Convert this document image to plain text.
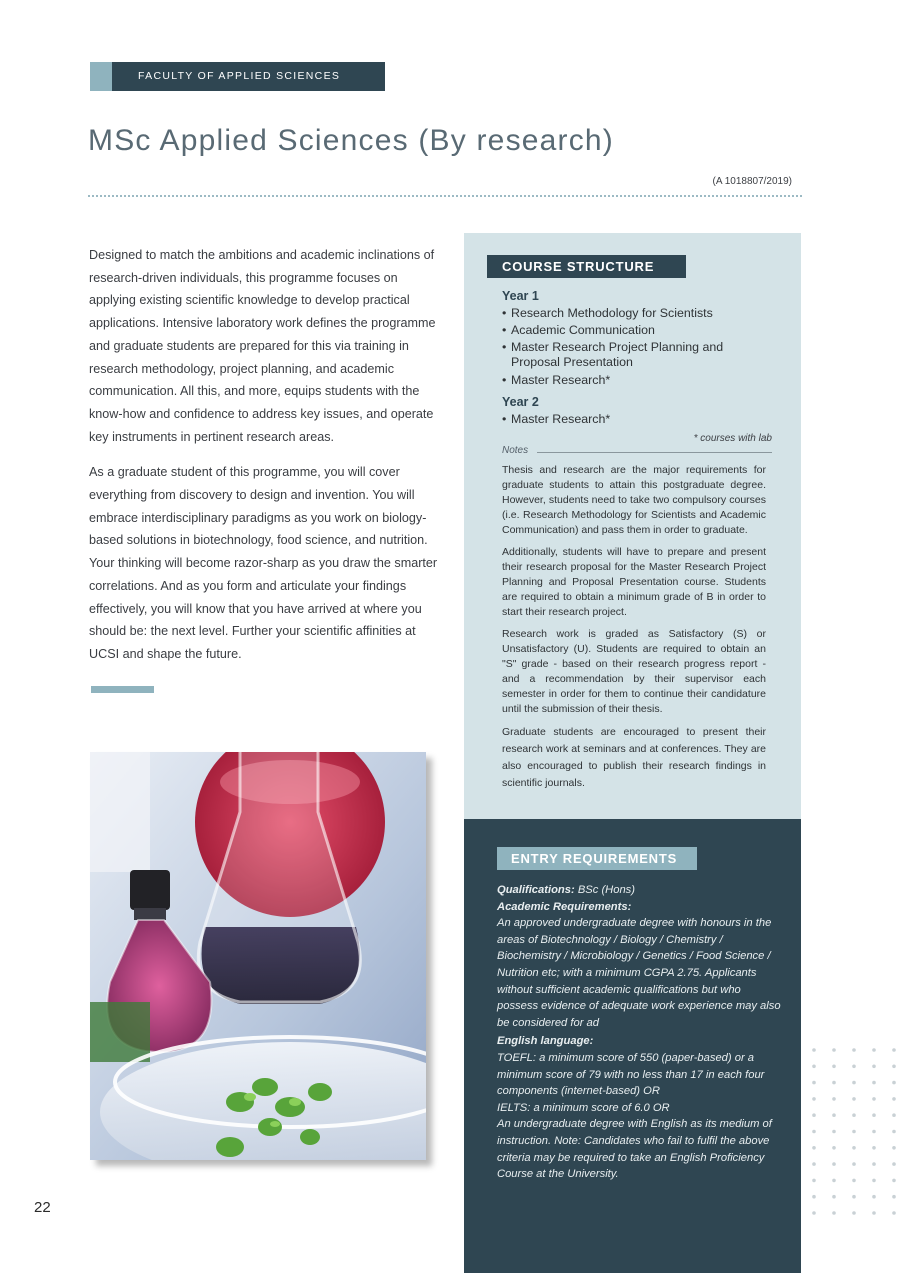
FACULTY OF APPLIED SCIENCES
MSc Applied Sciences (By research)
(A 1018807/2019)

Designed to match the ambitions and academic inclinations of research-driven individuals, this programme focuses on applying existing scientific knowledge to develop practical applications. Intensive laboratory work defines the programme and graduate students are prepared for this via training in research methodology, project planning, and academic communication. All this, and more, equips students with the know-how and confidence to address key issues, and operate key instruments in pertinent research areas.

As a graduate student of this programme, you will cover everything from discovery to design and invention. You will embrace interdisciplinary paradigms as you work on biology-based solutions in biotechnology, food science, and nutrition. Your thinking will become razor-sharp as you draw the smarter correlations. And as you form and articulate your findings effectively, you will know that you have arrived at where you should be: the next level. Further your scientific affinities at UCSI and shape the future.

22
COURSE STRUCTURE
Year 1
• Research Methodology for Scientists
• Academic Communication
• Master Research Project Planning and Proposal Presentation
• Master Research*
Year 2
• Master Research*
* courses with lab
Notes

Thesis and research are the major requirements for graduate students to attain this postgraduate degree. However, students need to take two compulsory courses (i.e. Research Methodology for Scientists and Academic Communication) and pass them in order to graduate.

Additionally, students will have to prepare and present their research proposal for the Master Research Project Planning and Proposal Presentation course. Students are required to obtain a minimum grade of B in order to start their research project.

Research work is graded as Satisfactory (S) or Unsatisfactory (U). Students are required to obtain an "S" grade - based on their research progress report - and a recommendation by their supervisor each semester in order for them to continue their candidature until the submission of their thesis.

Graduate students are encouraged to present their research work at seminars and at conferences. They are also encouraged to publish their research findings in scientific journals.

ENTRY REQUIREMENTS
Qualifications: BSc (Hons)
Academic Requirements:
An approved undergraduate degree with honours in the areas of Biotechnology / Biology / Chemistry / Biochemistry / Microbiology / Genetics / Food Science / Nutrition etc; with a minimum CGPA 2.75. Applicants without sufficient academic qualifications but who possess evidence of adequate work experience may also be considered for ad
English language:
TOEFL: a minimum score of 550 (paper-based) or a minimum score of 79 with no less than 17 in each four components (internet-based) OR
IELTS: a minimum score of 6.0 OR
An undergraduate degree with English as its medium of instruction. Note: Candidates who fail to fulfil the above criteria may be required to take an English Proficiency Course at the University.
